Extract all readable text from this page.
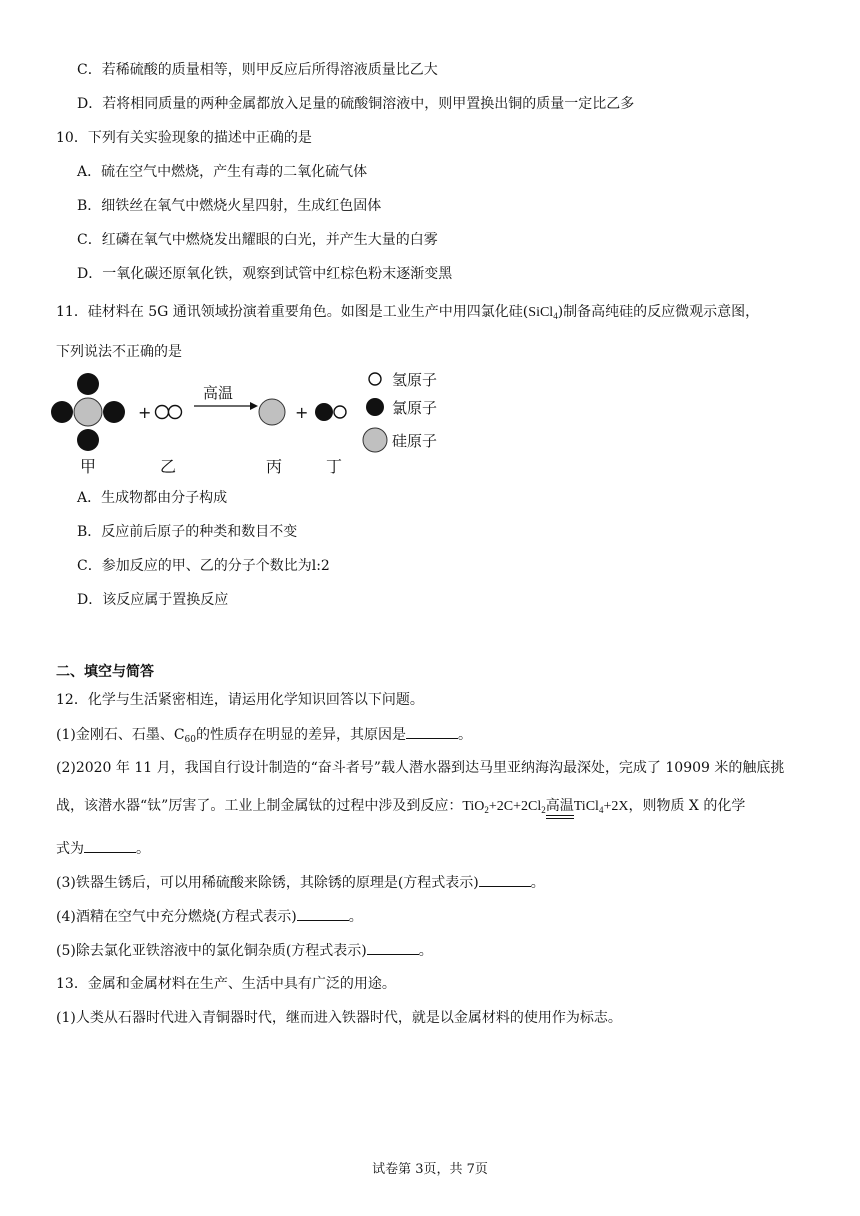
C．若稀硫酸的质量相等，则甲反应后所得溶液质量比乙大
D．若将相同质量的两种金属都放入足量的硫酸铜溶液中，则甲置换出铜的质量一定比乙多
10．下列有关实验现象的描述中正确的是
A．硫在空气中燃烧，产生有毒的二氧化硫气体
B．细铁丝在氧气中燃烧火星四射，生成红色固体
C．红磷在氧气中燃烧发出耀眼的白光，并产生大量的白雾
D．一氧化碳还原氧化铁，观察到试管中红棕色粉末逐渐变黑
11．硅材料在 5G 通讯领域扮演着重要角色。如图是工业生产中用四氯化硅(SiCl$_4$)制备高纯硅的反应微观示意图，
下列说法不正确的是
+
高温
+
甲	乙	丙	丁
氢原子
氯原子
硅原子
A．生成物都由分子构成
B．反应前后原子的种类和数目不变
C．参加反应的甲、乙的分子个数比为l:2
D．该反应属于置换反应
二、填空与简答
12．化学与生活紧密相连，请运用化学知识回答以下问题。
(1)金刚石、石墨、$C_{60}$的性质存在明显的差异，其原因是	。
(2)2020 年 11 月，我国自行设计制造的“奋斗者号”载人潜水器到达马里亚纳海沟最深处，完成了 10909 米的触底挑
战，该潜水器“钛”厉害了。工业上制金属钛的过程中涉及到反应：$TiO_2+2C+2Cl_2$高温TiCl$_4$+2X，则物质 X 的化学
式为	。
(3)铁器生锈后，可以用稀硫酸来除锈，其除锈的原理是(方程式表示)	。
(4)酒精在空气中充分燃烧(方程式表示)	。
(5)除去氯化亚铁溶液中的氯化铜杂质(方程式表示)	。
13．金属和金属材料在生产、生活中具有广泛的用途。
(1)人类从石器时代进入青铜器时代，继而进入铁器时代，就是以金属材料的使用作为标志。
试卷第 3页，共 7页
